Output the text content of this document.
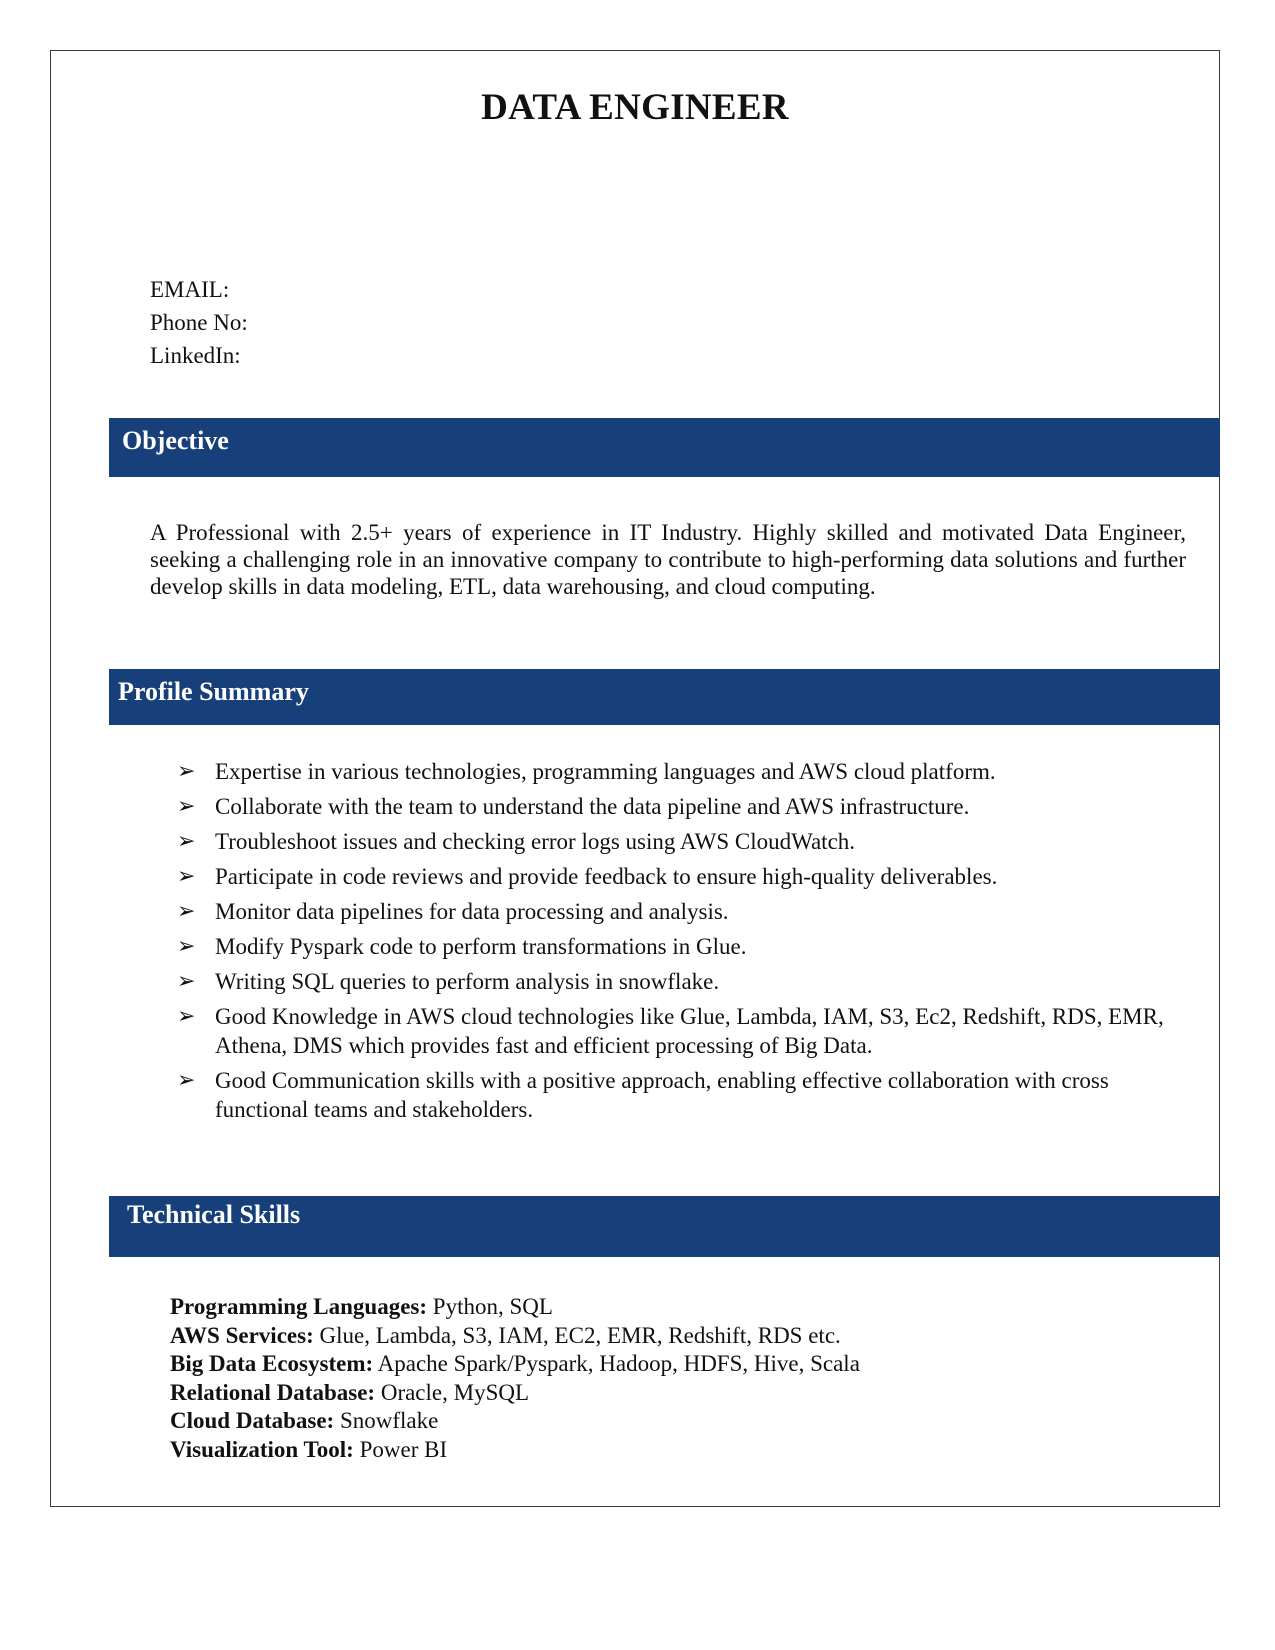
DATA ENGINEER
EMAIL:
Phone No:
LinkedIn:
Objective

A Professional with 2.5+ years of experience in IT Industry. Highly skilled and motivated Data Engineer, seeking a challenging role in an innovative company to contribute to high-performing data solutions and further develop skills in data modeling, ETL, data warehousing, and cloud computing.

Profile Summary
➢ Expertise in various technologies, programming languages and AWS cloud platform.
➢ Collaborate with the team to understand the data pipeline and AWS infrastructure.
➢ Troubleshoot issues and checking error logs using AWS CloudWatch.
➢ Participate in code reviews and provide feedback to ensure high-quality deliverables.
➢ Monitor data pipelines for data processing and analysis.
➢ Modify Pyspark code to perform transformations in Glue.
➢ Writing SQL queries to perform analysis in snowflake.
➢ Good Knowledge in AWS cloud technologies like Glue, Lambda, IAM, S3, Ec2, Redshift, RDS, EMR, Athena, DMS which provides fast and efficient processing of Big Data.
➢ Good Communication skills with a positive approach, enabling effective collaboration with cross functional teams and stakeholders.
Technical Skills
Programming Languages: Python, SQL
AWS Services: Glue, Lambda, S3, IAM, EC2, EMR, Redshift, RDS etc.
Big Data Ecosystem: Apache Spark/Pyspark, Hadoop, HDFS, Hive, Scala
Relational Database: Oracle, MySQL
Cloud Database: Snowflake
Visualization Tool: Power BI
